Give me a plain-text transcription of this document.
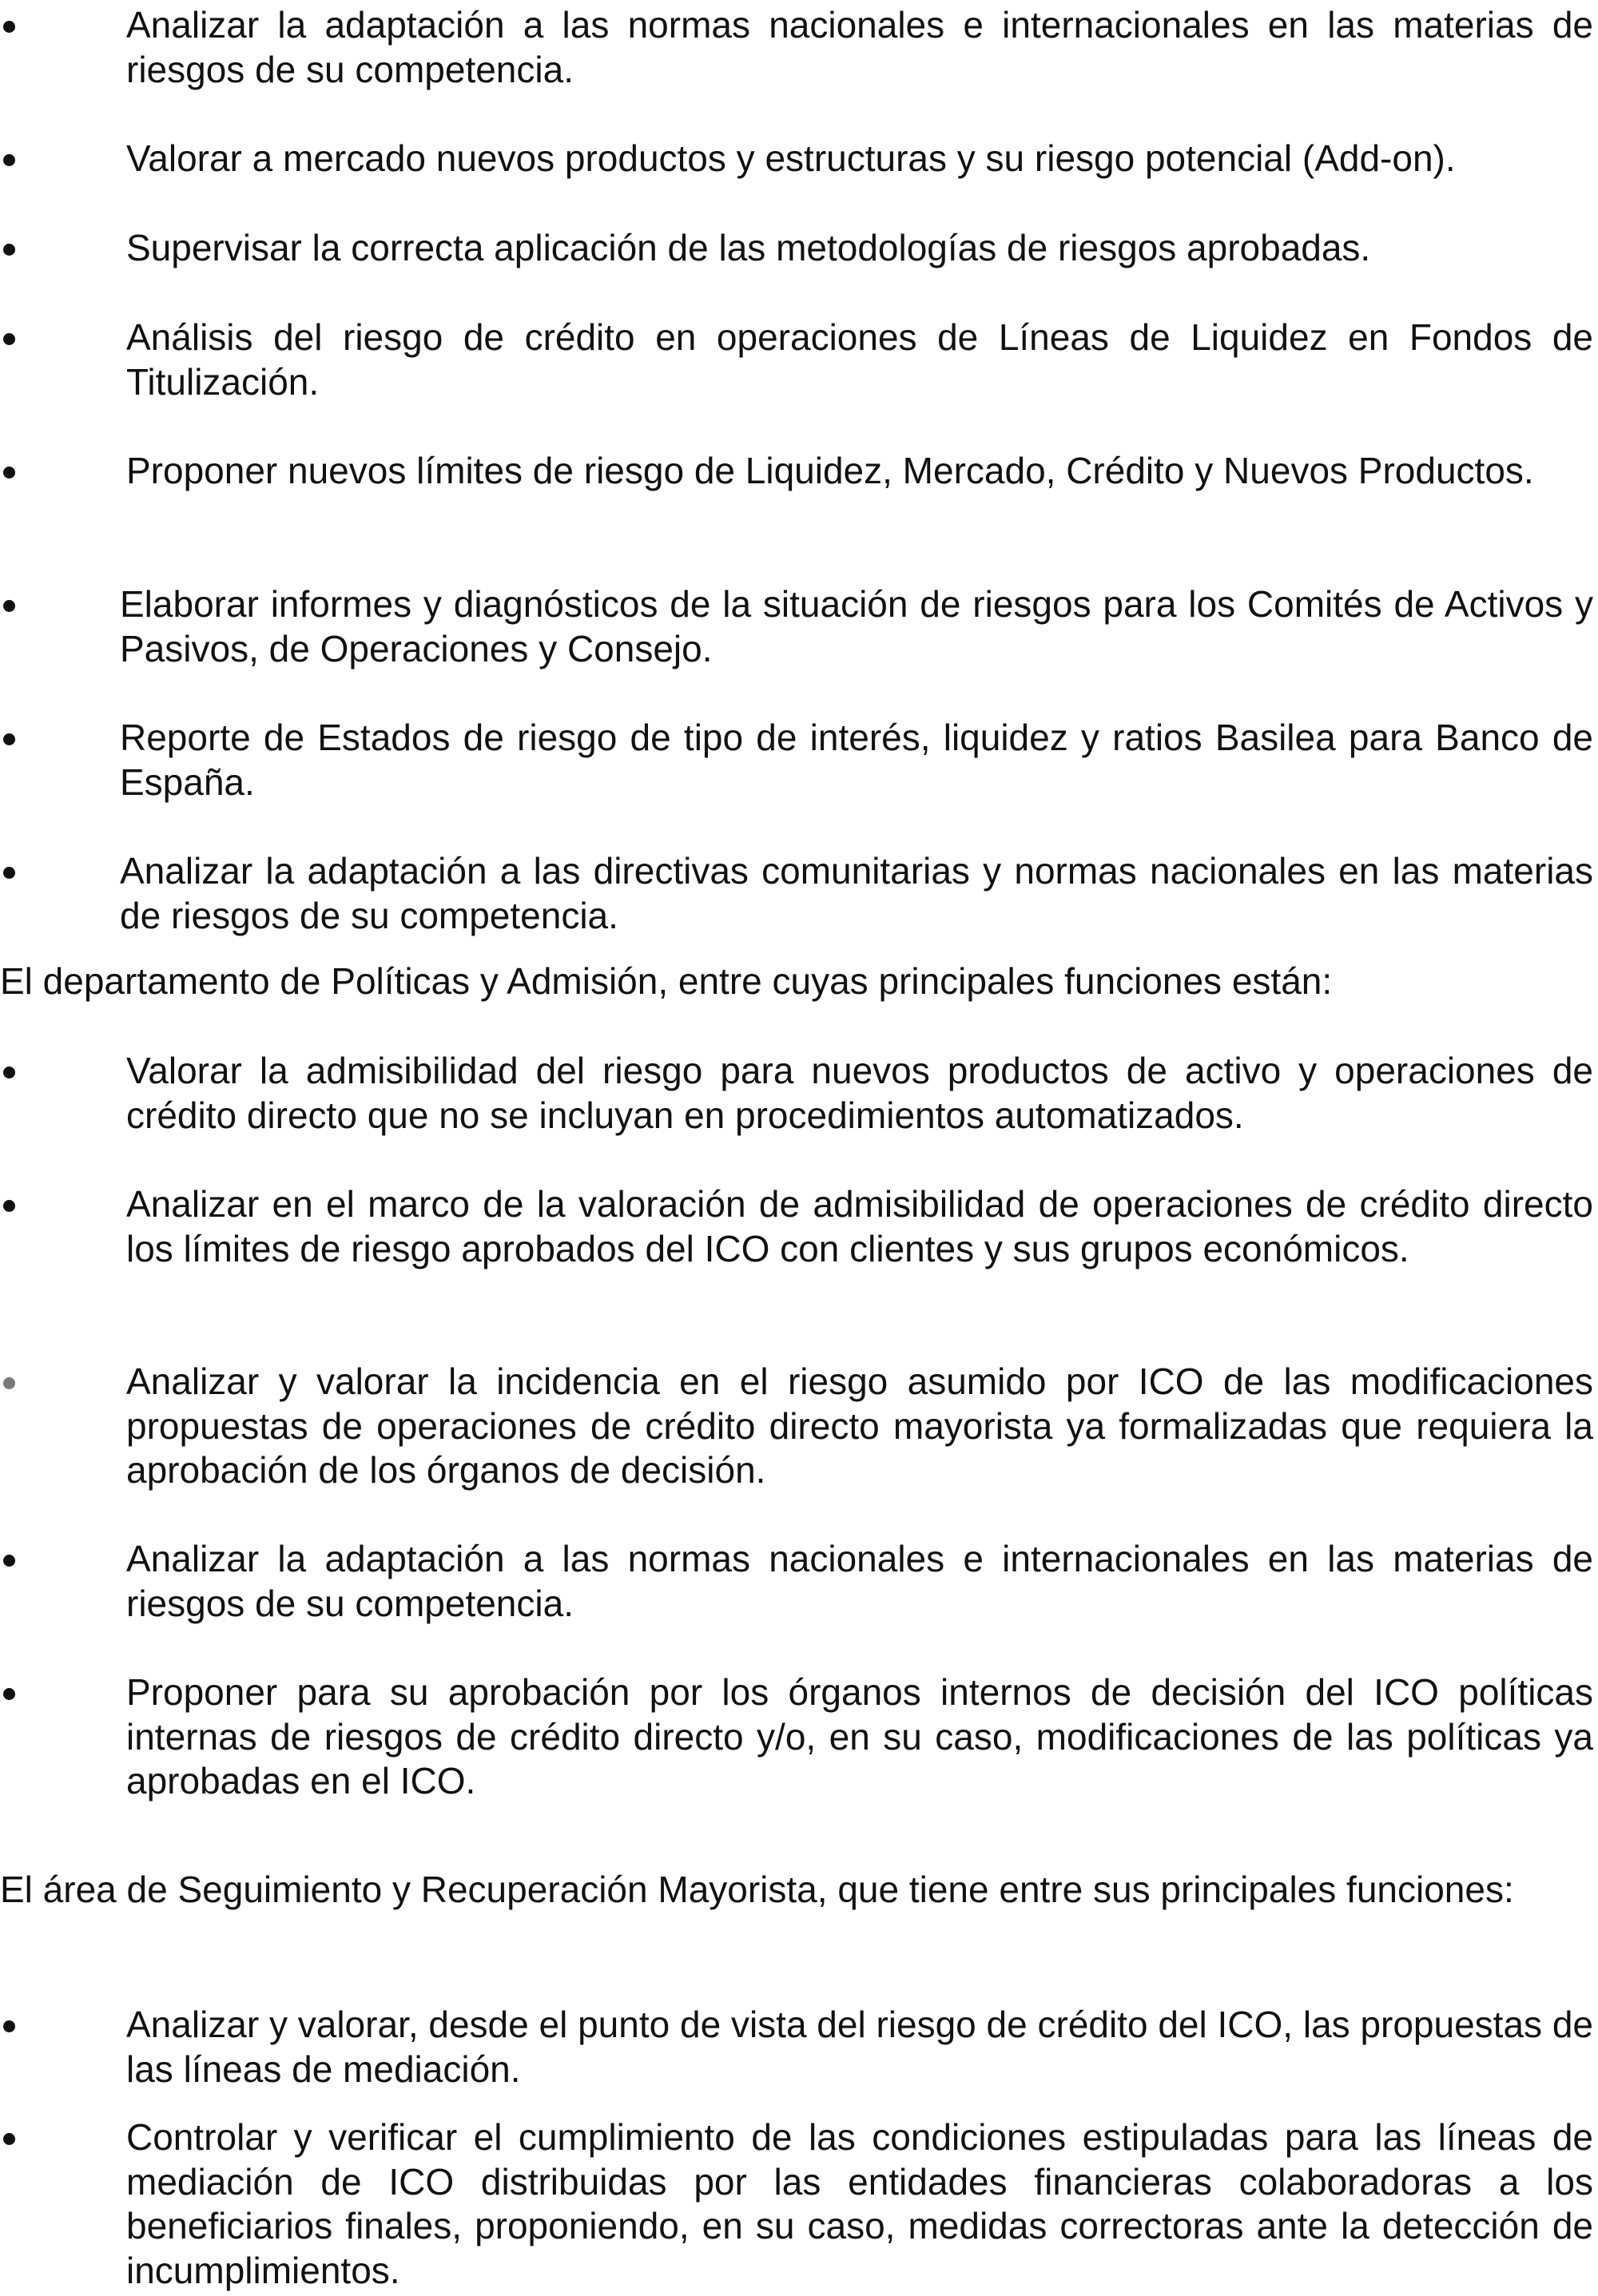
Analizar la adaptación a las normas nacionales e internacionales en las materias de riesgos de su competencia.
Valorar a mercado nuevos productos y estructuras y su riesgo potencial (Add-on).
Supervisar la correcta aplicación de las metodologías de riesgos aprobadas.
Análisis del riesgo de crédito en operaciones de Líneas de Liquidez en Fondos de Titulización.
Proponer nuevos límites de riesgo de Liquidez, Mercado, Crédito y Nuevos Productos.
Elaborar informes y diagnósticos de la situación de riesgos para los Comités de Activos y Pasivos, de Operaciones y Consejo.
Reporte de Estados de riesgo de tipo de interés, liquidez y ratios Basilea para Banco de España.
Analizar la adaptación a las directivas comunitarias y normas nacionales en las materias de riesgos de su competencia.
El departamento de Políticas y Admisión, entre cuyas principales funciones están:
Valorar la admisibilidad del riesgo para nuevos productos de activo y operaciones de crédito directo que no se incluyan en procedimientos automatizados.
Analizar en el marco de la valoración de admisibilidad de operaciones de crédito directo los límites de riesgo aprobados del ICO con clientes y sus grupos económicos.
Analizar y valorar la incidencia en el riesgo asumido por ICO de las modificaciones propuestas de operaciones de crédito directo mayorista ya formalizadas que requiera la aprobación de los órganos de decisión.
Analizar la adaptación a las normas nacionales e internacionales en las materias de riesgos de su competencia.
Proponer para su aprobación por los órganos internos de decisión del ICO políticas internas de riesgos de crédito directo y/o, en su caso, modificaciones de las políticas ya aprobadas en el ICO.
El área de Seguimiento y Recuperación Mayorista, que tiene entre sus principales funciones:
Analizar y valorar, desde el punto de vista del riesgo de crédito del ICO, las propuestas de las líneas de mediación.
Controlar y verificar el cumplimiento de las condiciones estipuladas para las líneas de mediación de ICO distribuidas por las entidades financieras colaboradoras a los beneficiarios finales, proponiendo, en su caso, medidas correctoras ante la detección de incumplimientos.
